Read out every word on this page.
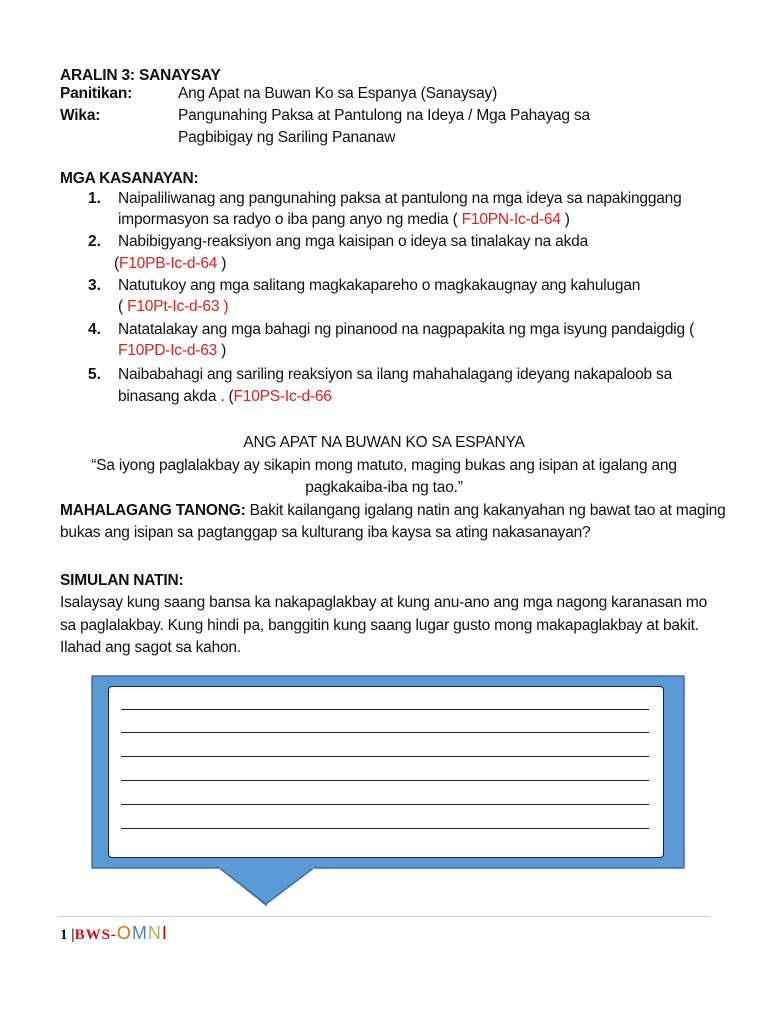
ARALIN 3: SANAYSAY
Panitikan:	Ang Apat na Buwan Ko sa Espanya (Sanaysay)
Wika:	Pangunahing Paksa at Pantulong na Ideya / Mga Pahayag sa
Pagbibigay ng Sariling Pananaw
MGA KASANAYAN:
1. Naipaliliwanag ang pangunahing paksa at pantulong na mga ideya sa napakinggang
impormasyon sa radyo o iba pang anyo ng media ( F10PN-Ic-d-64 )
2. Nabibigyang-reaksiyon ang mga kaisipan o ideya sa tinalakay na akda
(F10PB-Ic-d-64 )
3. Natutukoy ang mga salitang magkakapareho o magkakaugnay ang kahulugan
( F10Pt-Ic-d-63 )
4. Natatalakay ang mga bahagi ng pinanood na nagpapakita ng mga isyung pandaigdig (
F10PD-Ic-d-63 )
5. Naibabahagi ang sariling reaksiyon sa ilang mahahalagang ideyang nakapaloob sa
binasang akda . (F10PS-Ic-d-66
ANG APAT NA BUWAN KO SA ESPANYA
“Sa iyong paglalakbay ay sikapin mong matuto, maging bukas ang isipan at igalang ang
pagkakaiba-iba ng tao.”
MAHALAGANG TANONG: Bakit kailangang igalang natin ang kakanyahan ng bawat tao at maging
bukas ang isipan sa pagtanggap sa kulturang iba kaysa sa ating nakasanayan?
SIMULAN NATIN:
Isalaysay kung saang bansa ka nakapaglakbay at kung anu-ano ang mga nagong karanasan mo
sa paglalakbay. Kung hindi pa, banggitin kung saang lugar gusto mong makapaglakbay at bakit.
Ilahad ang sagot sa kahon.
1 |BWS-OMNI
